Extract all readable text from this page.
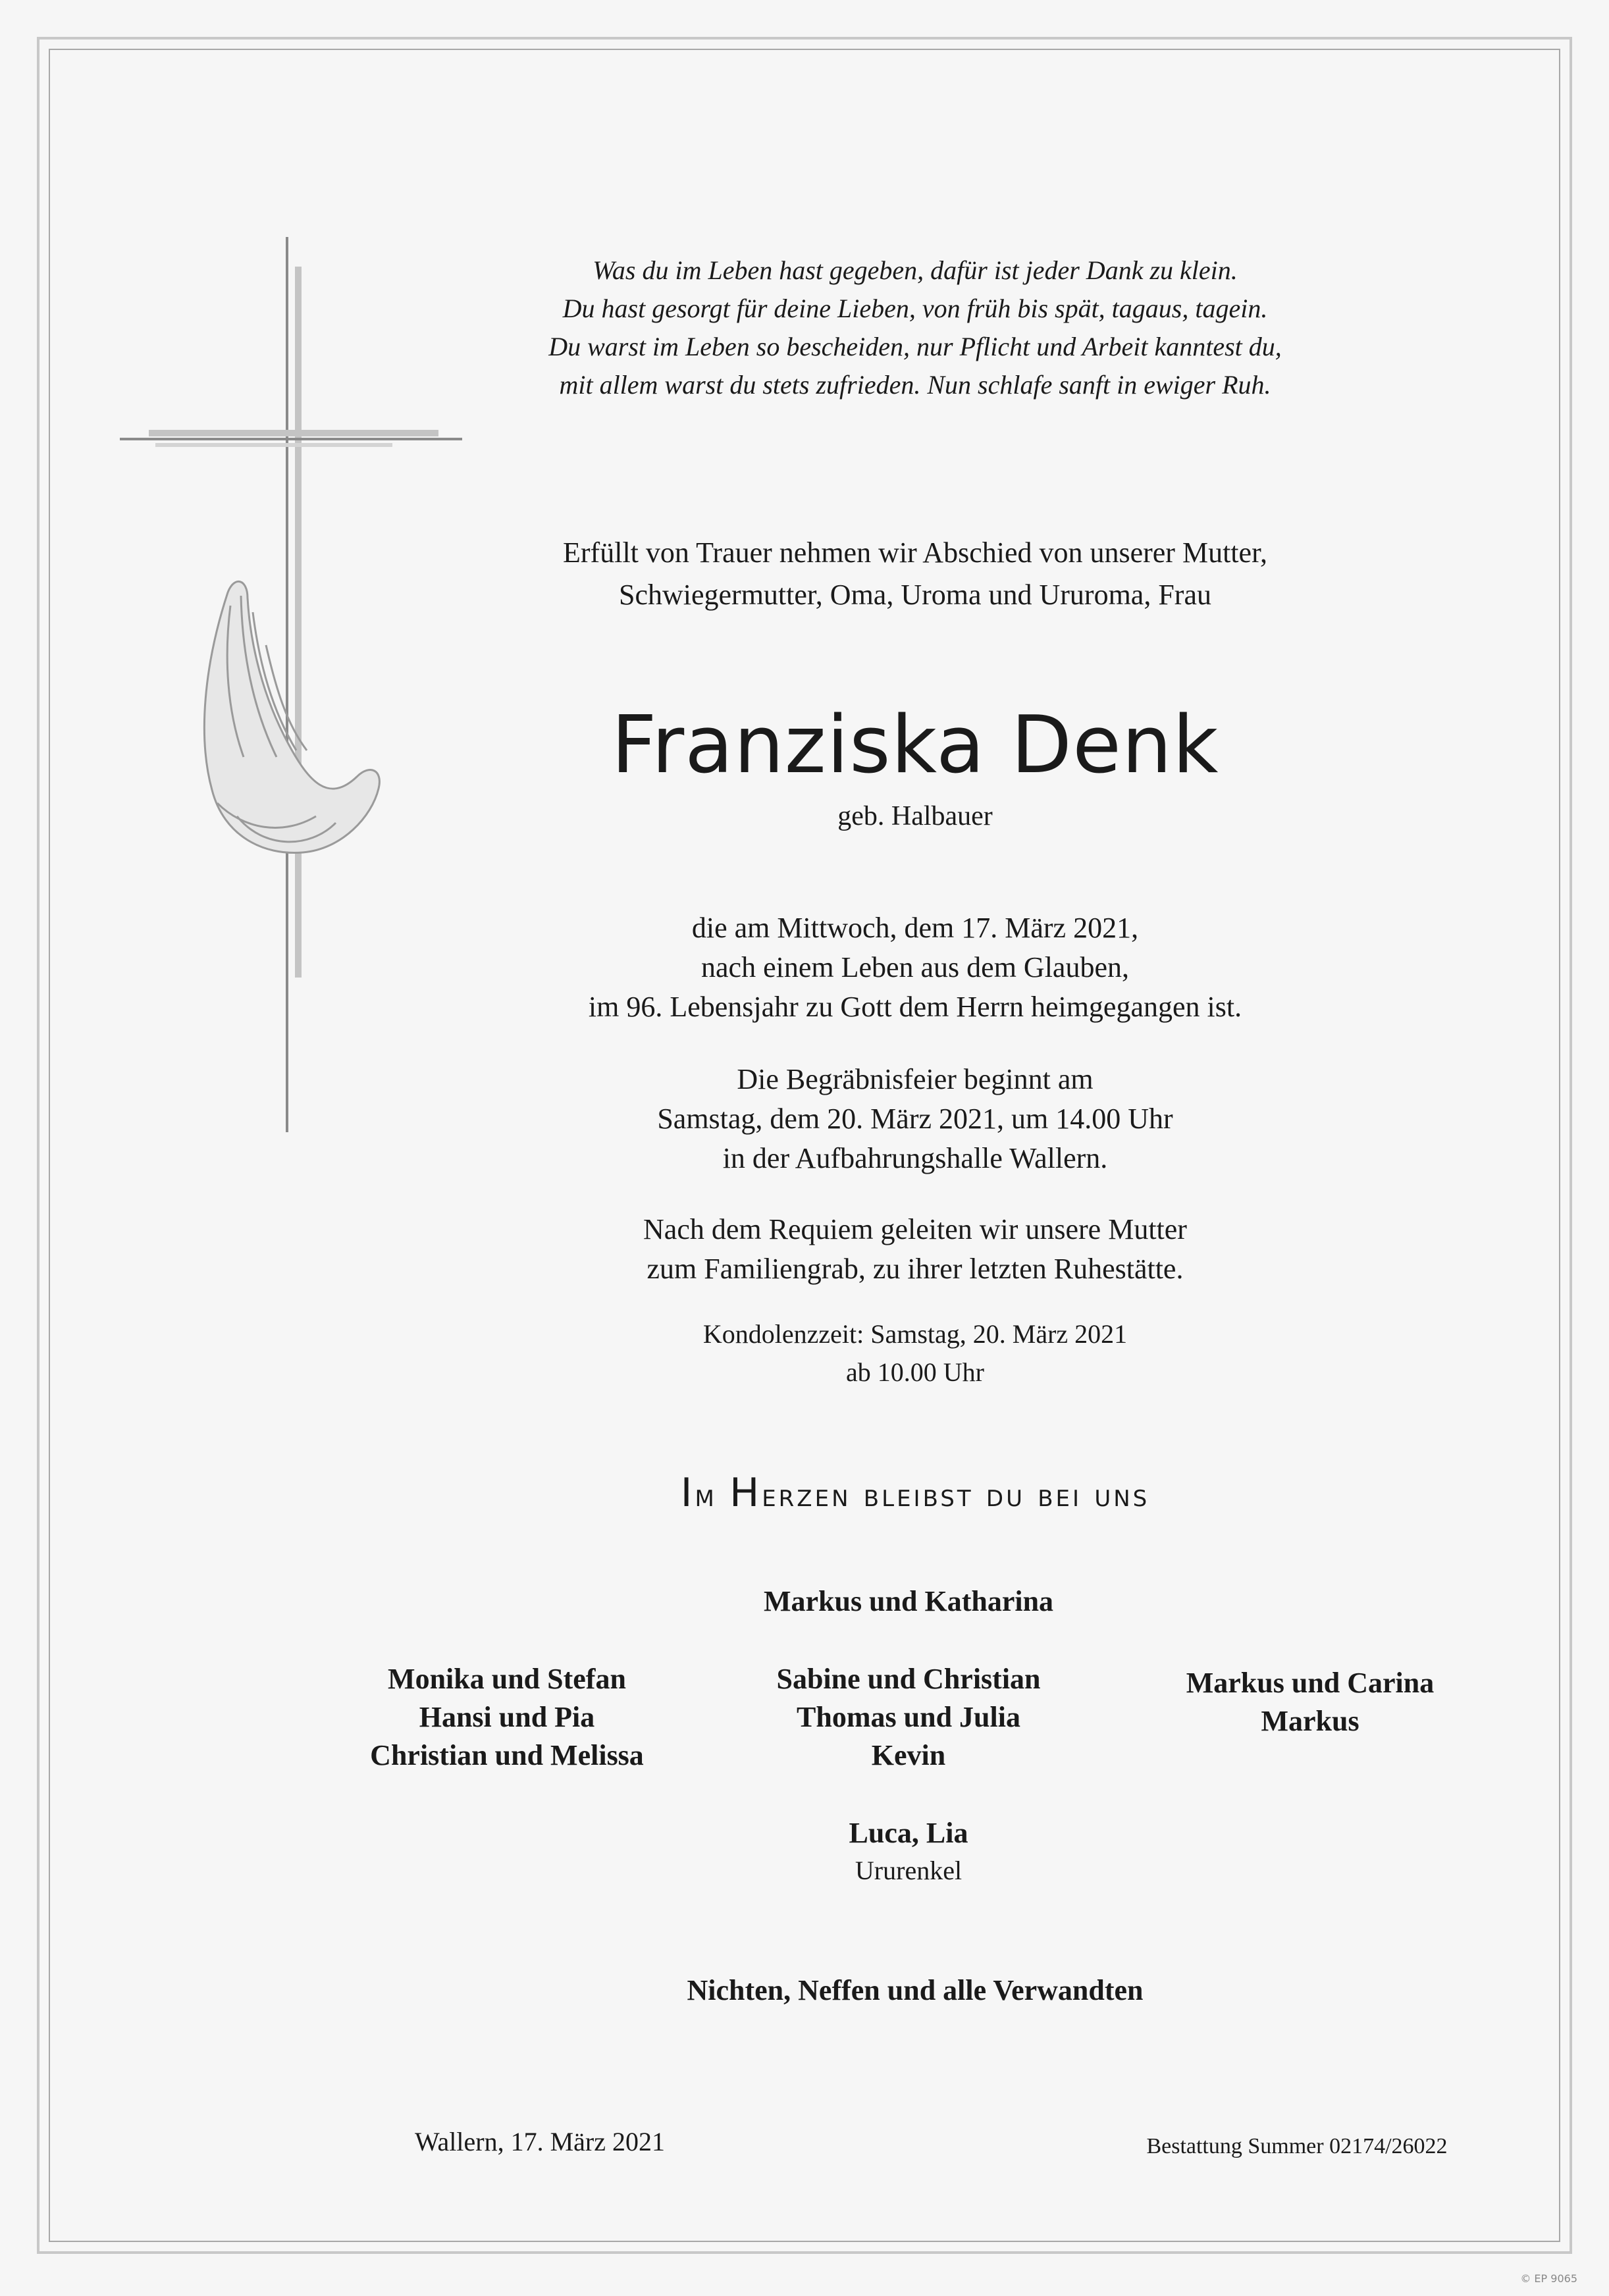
Was du im Leben hast gegeben, dafür ist jeder Dank zu klein.
Du hast gesorgt für deine Lieben, von früh bis spät, tagaus, tagein.
Du warst im Leben so bescheiden, nur Pflicht und Arbeit kanntest du,
mit allem warst du stets zufrieden. Nun schlafe sanft in ewiger Ruh.
Erfüllt von Trauer nehmen wir Abschied von unserer Mutter,
Schwiegermutter, Oma, Uroma und Ururoma, Frau
Franziska Denk
geb. Halbauer
die am Mittwoch, dem 17. März 2021,
nach einem Leben aus dem Glauben,
im 96. Lebensjahr zu Gott dem Herrn heimgegangen ist.
Die Begräbnisfeier beginnt am
Samstag, dem 20. März 2021, um 14.00 Uhr
in der Aufbahrungshalle Wallern.
Nach dem Requiem geleiten wir unsere Mutter
zum Familiengrab, zu ihrer letzten Ruhestätte.
Kondolenzzeit: Samstag, 20. März 2021
ab 10.00 Uhr
Im Herzen bleibst du bei uns
Markus und Katharina
Monika und Stefan
Hansi und Pia
Christian und Melissa
Sabine und Christian
Thomas und Julia
Kevin
Markus und Carina
Markus
Luca, Lia
Ururenkel
Nichten, Neffen und alle Verwandten
Wallern, 17. März 2021	Bestattung Summer 02174/26022
© EP 9065
